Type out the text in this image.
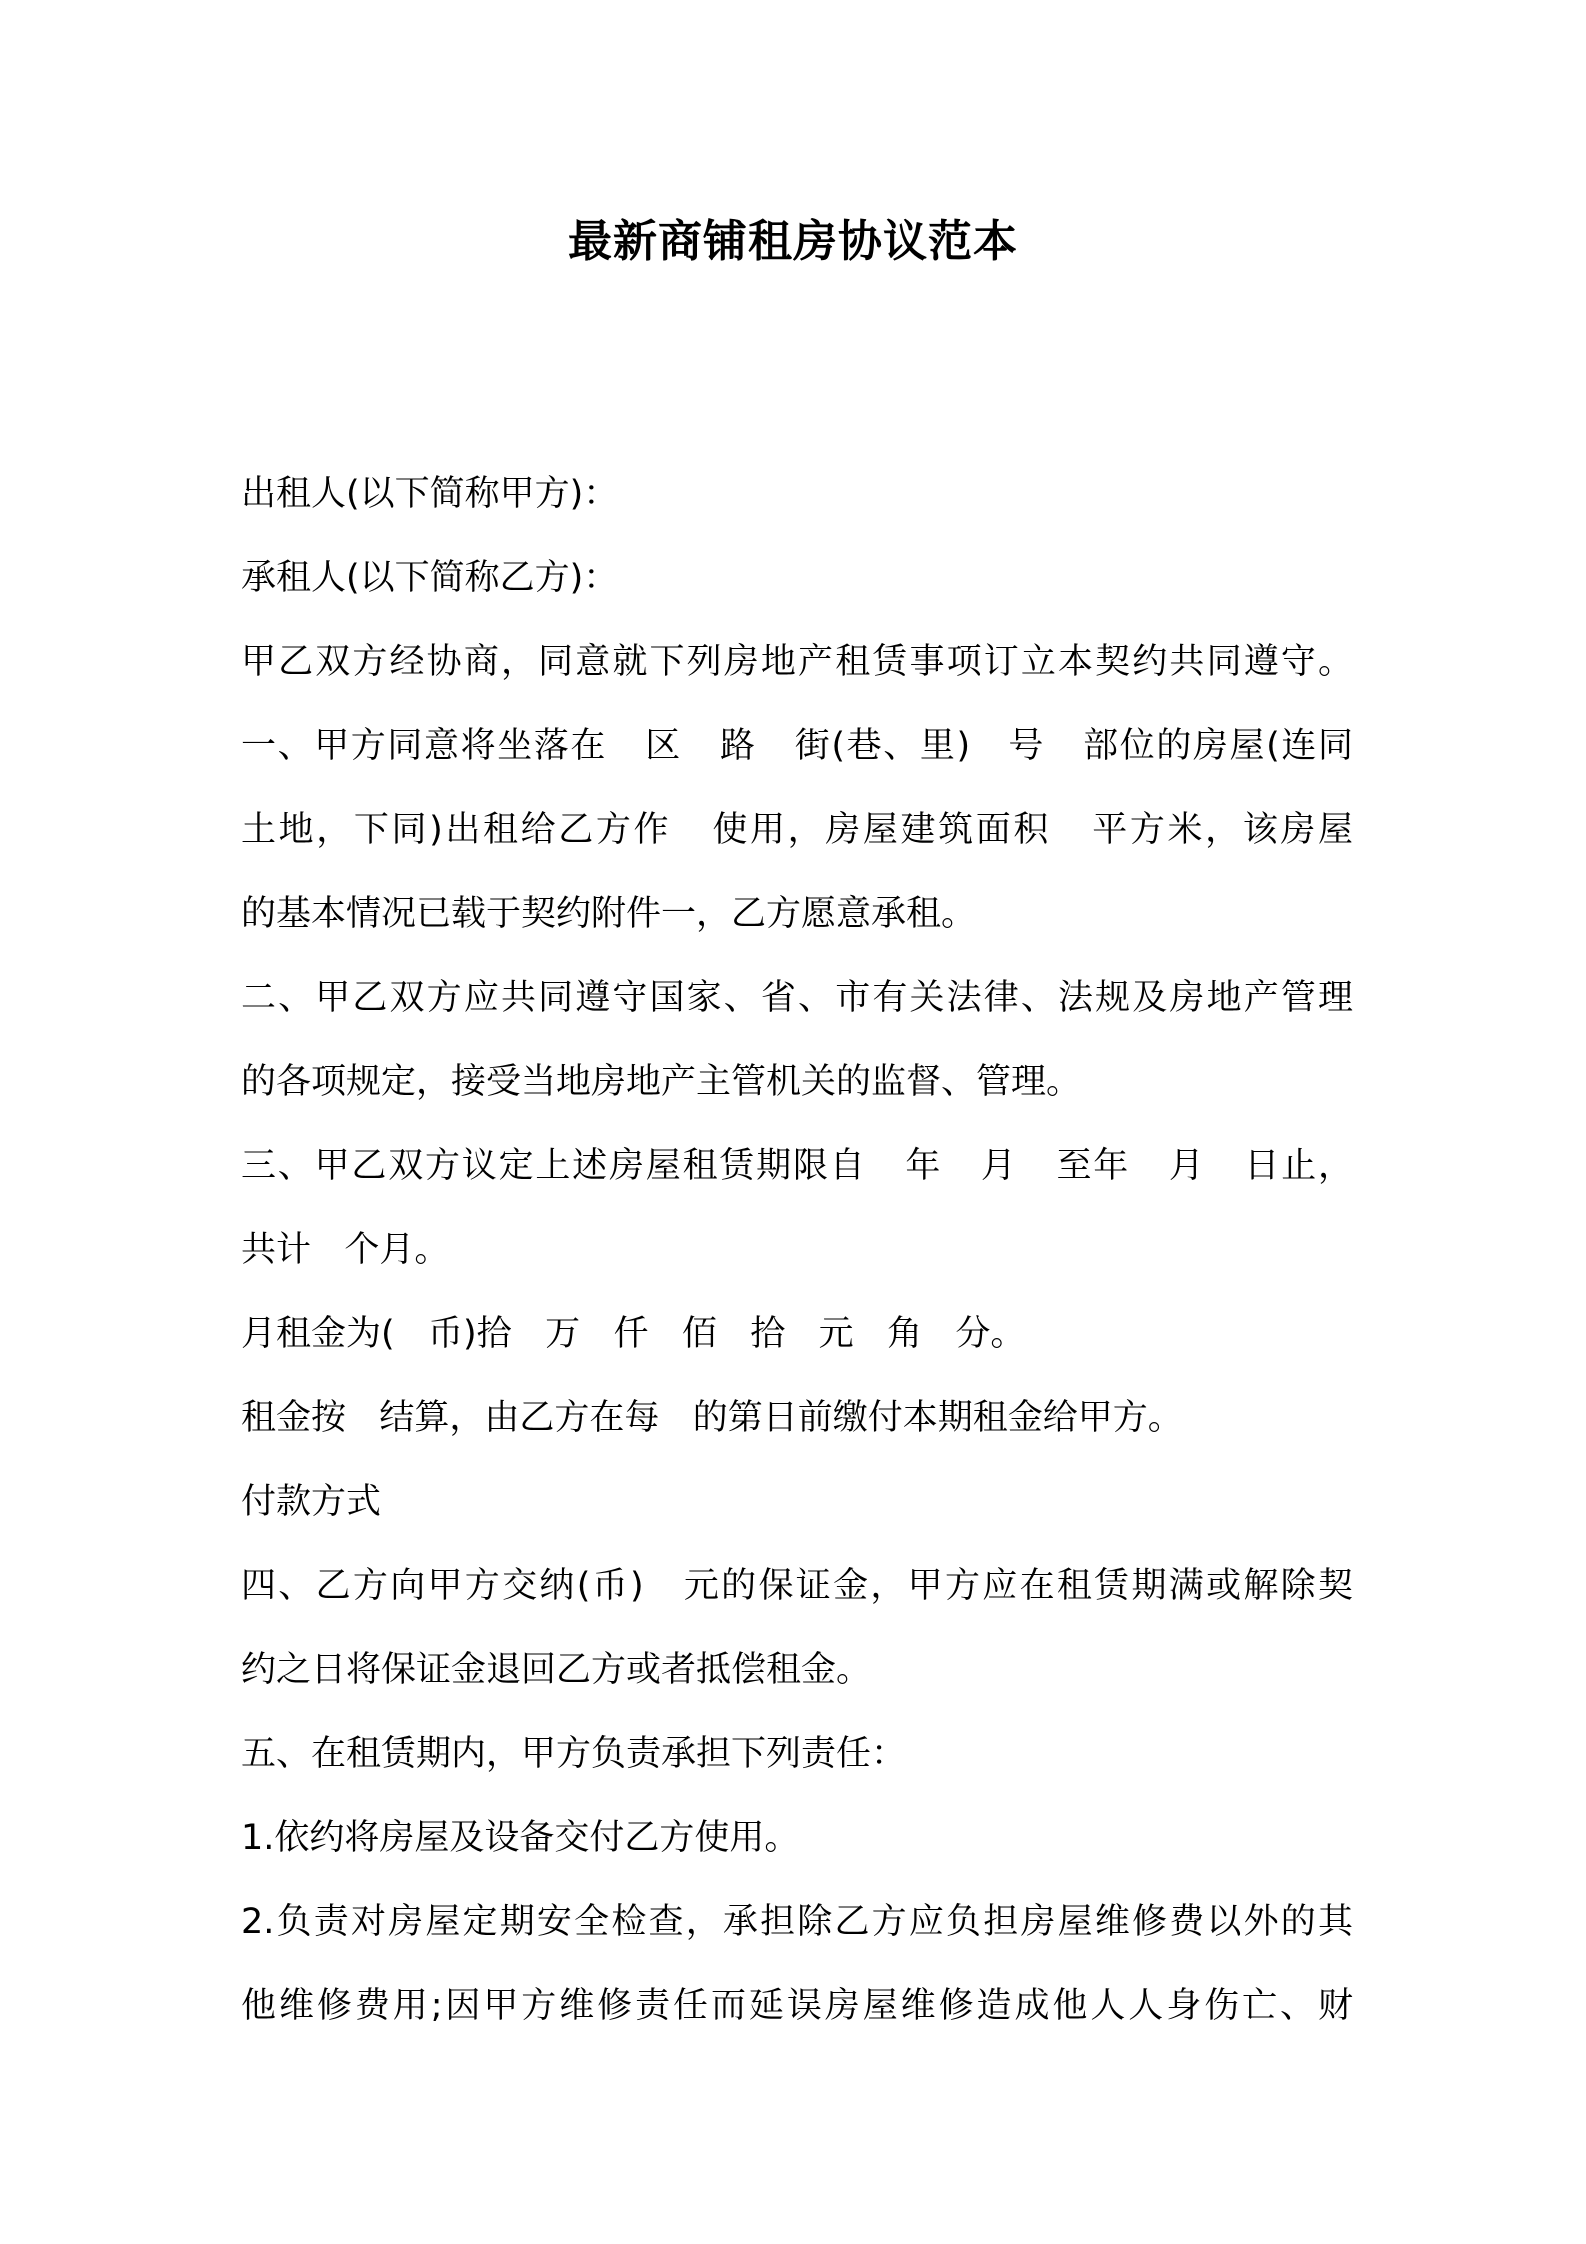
最新商铺租房协议范本
出租人(以下简称甲方)：
承租人(以下简称乙方)：
甲乙双方经协商，同意就下列房地产租赁事项订立本契约共同遵守。
一、甲方同意将坐落在   区   路   街(巷、里)   号   部位的房屋(连同
土地，下同)出租给乙方作   使用，房屋建筑面积   平方米，该房屋
的基本情况已载于契约附件一，乙方愿意承租。
二、甲乙双方应共同遵守国家、省、市有关法律、法规及房地产管理
的各项规定，接受当地房地产主管机关的监督、管理。
三、甲乙双方议定上述房屋租赁期限自   年   月   至年   月   日止，
共计   个月。
月租金为(   币)拾   万   仟   佰   拾   元   角   分。
租金按   结算，由乙方在每   的第日前缴付本期租金给甲方。
付款方式
四、乙方向甲方交纳(币)   元的保证金，甲方应在租赁期满或解除契
约之日将保证金退回乙方或者抵偿租金。
五、在租赁期内，甲方负责承担下列责任：
1.依约将房屋及设备交付乙方使用。
2.负责对房屋定期安全检查，承担除乙方应负担房屋维修费以外的其
他维修费用;因甲方维修责任而延误房屋维修造成他人人身伤亡、财
